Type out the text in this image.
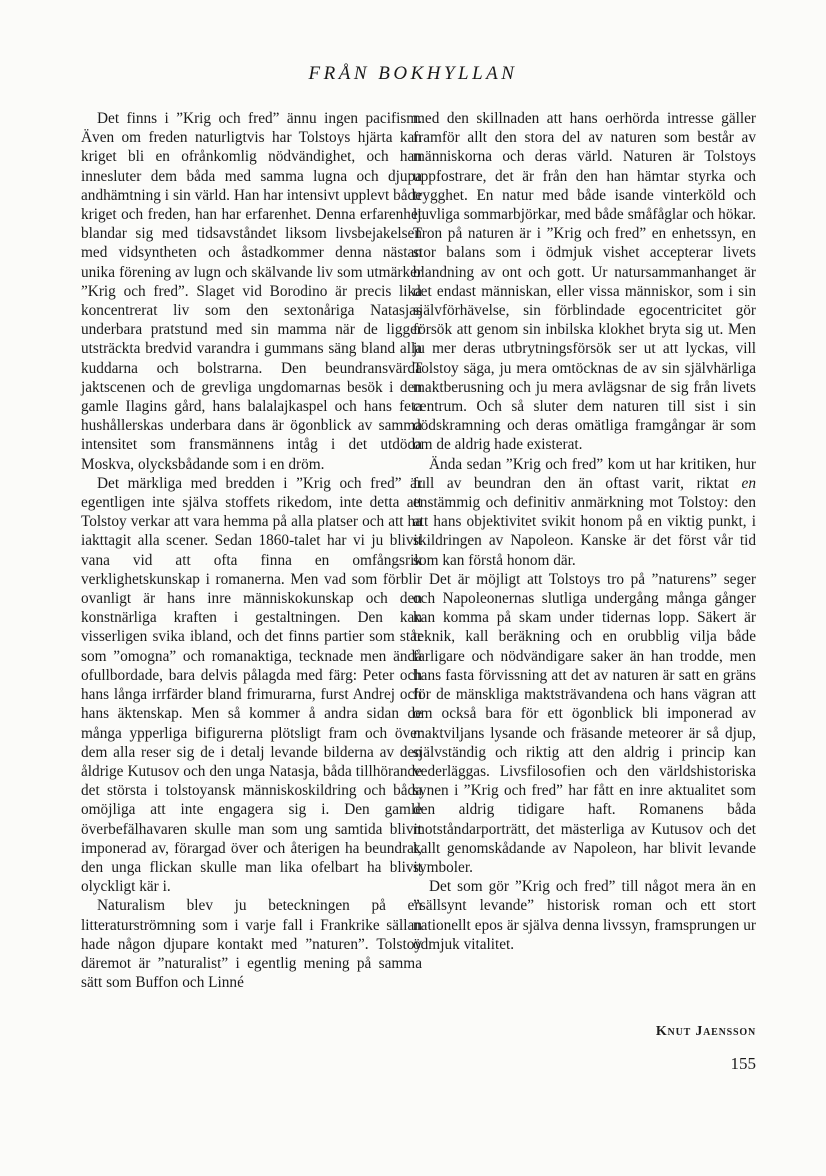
FRÅN BOKHYLLAN

Det finns i ”Krig och fred” ännu ingen pacifism. Även om freden naturligtvis har Tolstoys hjärta kan kriget bli en ofrånkomlig nödvändighet, och han innesluter dem båda med samma lugna och djupa andhämtning i sin värld. Han har intensivt upplevt både kriget och freden, han har erfarenhet. Denna erfarenhet blandar sig med tidsavståndet liksom livsbejakelsen med vidsyntheten och åstadkommer denna nästan unika förening av lugn och skälvande liv som utmärker ”Krig och fred”. Slaget vid Borodino är precis lika koncentrerat liv som den sextonåriga Natasjas underbara pratstund med sin mamma när de ligger utsträckta bredvid varandra i gummans säng bland alla kuddarna och bolstrarna. Den beundransvärda jaktscenen och de grevliga ungdomarnas besök i den gamle Ilagins gård, hans balalajkaspel och hans feta hushållerskas underbara dans är ögonblick av samma intensitet som fransmännens intåg i det utdöda Moskva, olycksbådande som i en dröm.

Det märkliga med bredden i ”Krig och fred” är egentligen inte själva stoffets rikedom, inte detta att Tolstoy verkar att vara hemma på alla platser och att ha iakttagit alla scener. Sedan 1860-talet har vi ju blivit vana vid att ofta finna en omfångsrik verklighetskunskap i romanerna. Men vad som förblir ovanligt är hans inre människokunskap och den konstnärliga kraften i gestaltningen. Den kan visserligen svika ibland, och det finns partier som står som ”omogna” och romanaktiga, tecknade men ändå ofullbordade, bara delvis pålagda med färg: Peter och hans långa irrfärder bland frimurarna, furst Andrej och hans äktenskap. Men så kommer å andra sidan de många ypperliga bifigurerna plötsligt fram och över dem alla reser sig de i detalj levande bilderna av den åldrige Kutusov och den unga Natasja, båda tillhörande det största i tolstoyansk människoskildring och båda omöjliga att inte engagera sig i. Den gamle överbefälhavaren skulle man som ung samtida blivit imponerad av, förargad över och återigen ha beundrat, den unga flickan skulle man lika ofelbart ha blivit olyckligt kär i.

Naturalism blev ju beteckningen på en litteraturströmning som i varje fall i Frankrike sällan hade någon djupare kontakt med ”naturen”. Tolstoy däremot är ”naturalist” i egentlig mening på samma sätt som Buffon och Linné

med den skillnaden att hans oerhörda intresse gäller framför allt den stora del av naturen som består av människorna och deras värld. Naturen är Tolstoys uppfostrare, det är från den han hämtar styrka och trygghet. En natur med både isande vinterköld och ljuvliga sommarbjörkar, med både småfåglar och hökar. Tron på naturen är i ”Krig och fred” en enhetssyn, en stor balans som i ödmjuk vishet accepterar livets blandning av ont och gott. Ur natursammanhanget är det endast människan, eller vissa människor, som i sin självförhävelse, sin förblindade egocentricitet gör försök att genom sin inbilska klokhet bryta sig ut. Men ju mer deras utbrytningsförsök ser ut att lyckas, vill Tolstoy säga, ju mera omtöcknas de av sin självhärliga maktberusning och ju mera avlägsnar de sig från livets centrum. Och så sluter dem naturen till sist i sin dödskramning och deras omätliga framgångar är som om de aldrig hade existerat.

Ända sedan ”Krig och fred” kom ut har kritiken, hur full av beundran den än oftast varit, riktat en enstämmig och definitiv anmärkning mot Tolstoy: den att hans objektivitet svikit honom på en viktig punkt, i skildringen av Napoleon. Kanske är det först vår tid som kan förstå honom där.

Det är möjligt att Tolstoys tro på ”naturens” seger och Napoleonernas slutliga undergång många gånger kan komma på skam under tidernas lopp. Säkert är teknik, kall beräkning och en orubblig vilja både farligare och nödvändigare saker än han trodde, men hans fasta förvissning att det av naturen är satt en gräns för de mänskliga maktsträvandena och hans vägran att om också bara för ett ögonblick bli imponerad av maktviljans lysande och fräsande meteorer är så djup, självständig och riktig att den aldrig i princip kan vederläggas. Livsfilosofien och den världshistoriska synen i ”Krig och fred” har fått en inre aktualitet som den aldrig tidigare haft. Romanens båda motståndarporträtt, det mästerliga av Kutusov och det kallt genomskådande av Napoleon, har blivit levande symboler.

Det som gör ”Krig och fred” till något mera än en ”sällsynt levande” historisk roman och ett stort nationellt epos är själva denna livssyn, framsprungen ur ödmjuk vitalitet.

Knut Jaensson
155
